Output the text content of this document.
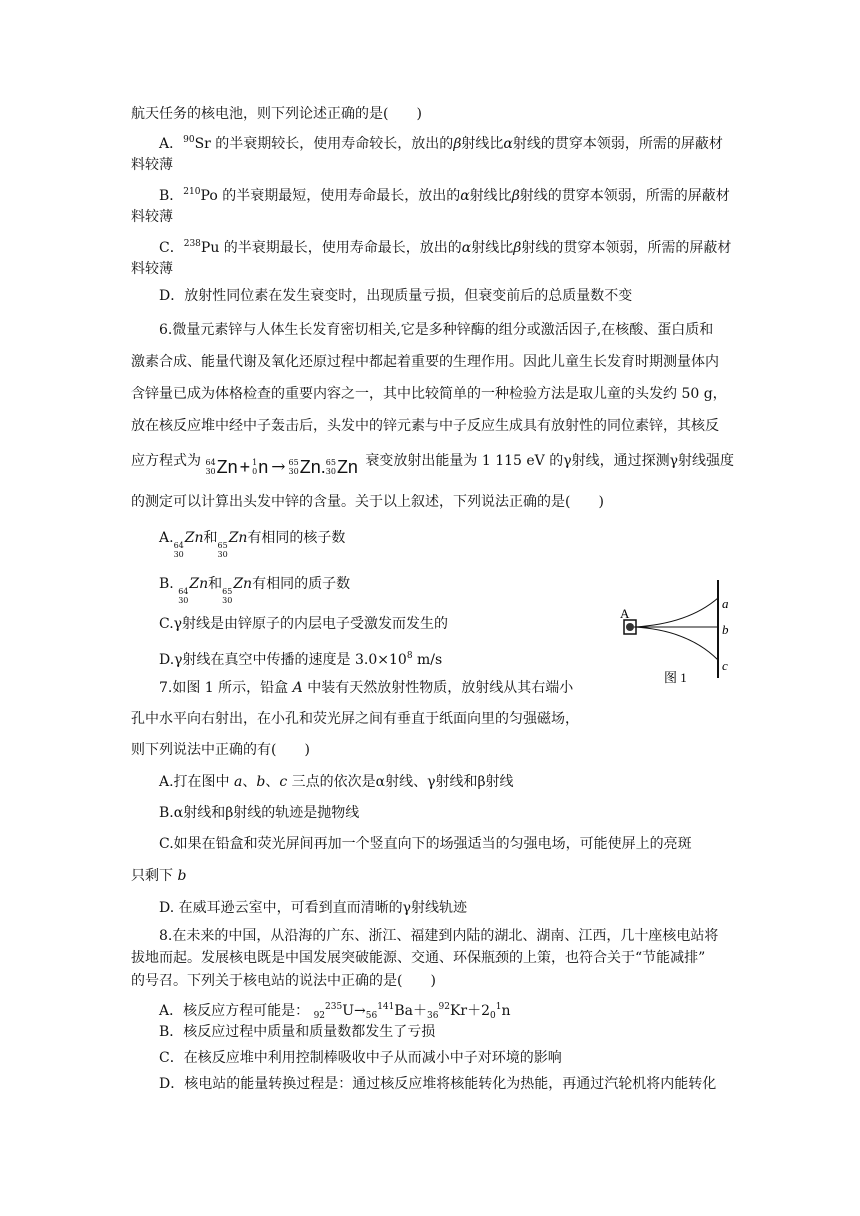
航天任务的核电池，则下列论述正确的是(　　)
A．$^{90}$Sr 的半衰期较长，使用寿命较长，放出的β射线比α射线的贯穿本领弱，所需的屏蔽材
料较薄
B．$^{210}$Po 的半衰期最短，使用寿命最长，放出的α射线比β射线的贯穿本领弱，所需的屏蔽材
料较薄
C．$^{238}$Pu 的半衰期最长，使用寿命最长，放出的α射线比β射线的贯穿本领弱，所需的屏蔽材
料较薄
D．放射性同位素在发生衰变时，出现质量亏损，但衰变前后的总质量数不变
6.微量元素锌与人体生长发育密切相关,它是多种锌酶的组分或激活因子,在核酸、蛋白质和
激素合成、能量代谢及氧化还原过程中都起着重要的生理作用。因此儿童生长发育时期测量体内
含锌量已成为体格检查的重要内容之一，其中比较简单的一种检验方法是取儿童的头发约 50 g，
放在核反应堆中经中子轰击后，头发中的锌元素与中子反应生成具有放射性的同位素锌，其核反
应方程式为 64
30 Zn + 1
0 n → 65
30 Zn . 65
30 Zn 衰变放射出能量为 1 115 eV 的γ射线，通过探测γ射线强度
的测定可以计算出头发中锌的含量。关于以上叙述，下列说法正确的是(　　)
A. 64
30
Zn和 65
30
Zn有相同的核子数
B. 64
30
Zn和 65
30
Zn有相同的质子数
C.γ射线是由锌原子的内层电子受激发而发生的
D.γ射线在真空中传播的速度是 $3.0\times 10^8$ m/s
A
a
b
c
图 1
7.如图 1 所示，铅盒 A 中装有天然放射性物质，放射线从其右端小
孔中水平向右射出，在小孔和荧光屏之间有垂直于纸面向里的匀强磁场，
则下列说法中正确的有(　　)
A.打在图中 a、b、c 三点的依次是α射线、γ射线和β射线
B.α射线和β射线的轨迹是抛物线
C.如果在铅盒和荧光屏间再加一个竖直向下的场强适当的匀强电场，可能使屏上的亮斑
只剩下 b
D. 在威耳逊云室中，可看到直而清晰的γ射线轨迹
8.在未来的中国，从沿海的广东、浙江、福建到内陆的湖北、湖南、江西，几十座核电站将
拔地而起。发展核电既是中国发展突破能源、交通、环保瓶颈的上策，也符合关于“节能减排”
的号召。下列关于核电站的说法中正确的是(　　)
A．核反应方程可能是： $_{92}^{235}U\to_{56}^{141}Ba+_{36}^{92}Kr+2_0^1n$
B．核反应过程中质量和质量数都发生了亏损
C．在核反应堆中利用控制棒吸收中子从而减小中子对环境的影响
D．核电站的能量转换过程是：通过核反应堆将核能转化为热能，再通过汽轮机将内能转化
